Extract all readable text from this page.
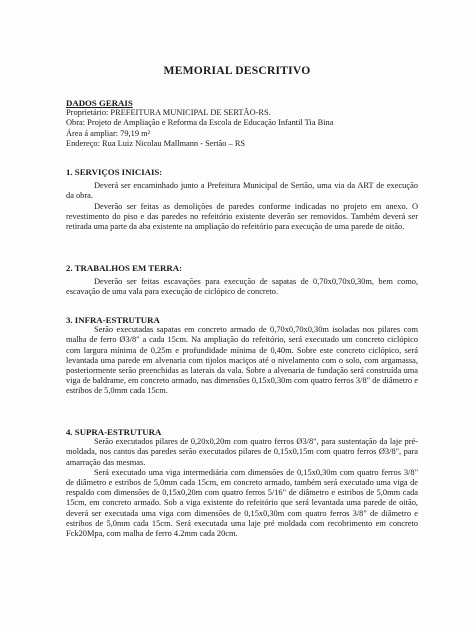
MEMORIAL DESCRITIVO
DADOS GERAIS
Proprietário: PREFEITURA MUNICIPAL DE SERTÃO-RS.
Obra: Projeto de Ampliação e Reforma da Escola de Educação Infantil Tia Bina
Área á ampliar: 79,19 m²
Endereço: Rua Luiz Nicolau Mallmann - Sertão – RS
1. SERVIÇOS INICIAIS:

Deverá ser encaminhado junto a Prefeitura Municipal de Sertão, uma via da ART de execução da obra.

Deverão ser feitas as demolições de paredes conforme indicadas no projeto em anexo. O revestimento do piso e das paredes no refeitório existente deverão ser removidos. Também deverá ser retirada uma parte da aba existente na ampliação do refeitório para execução de uma parede de oitão.

2. TRABALHOS EM TERRA:

Deverão ser feitas escavações para execução de sapatas de 0,70x0,70x0,30m, bem como, escavação de uma vala para execução de ciclópico de concreto.

3. INFRA-ESTRUTURA

Serão executadas sapatas em concreto armado de 0,70x0,70x0,30m isoladas nos pilares com malha de ferro Ø3/8" a cada 15cm. Na ampliação do refeitório, será executado um concreto ciclópico com largura mínima de 0,25m e profundidade mínima de 0,40m. Sobre este concreto ciclópico, será levantada uma parede em alvenaria com tijolos maciços até o nivelamento com o solo, com argamassa, posteriormente serão preenchidas as laterais da vala. Sobre a alvenaria de fundação será construída uma viga de baldrame, em concreto armado, nas dimensões 0,15x0,30m com quatro ferros 3/8" de diâmetro e estribos de 5,0mm cada 15cm.

4. SUPRA-ESTRUTURA

Serão executados pilares de 0,20x0,20m com quatro ferros Ø3/8", para sustentação da laje pré-moldada, nos cantos das paredes serão executados pilares de 0,15x0,15m com quatro ferros Ø3/8", para amarração das mesmas.

Será executado uma viga intermediária com dimensões de 0,15x0,30m com quatro ferros 3/8" de diâmetro e estribos de 5,0mm cada 15cm, em concreto armado, também será executado uma viga de respaldo com dimensões de 0,15x0,20m com quatro ferros 5/16" de diâmetro e estribos de 5,0mm cada 15cm, em concreto armado. Sob a viga existente do refeitório que será levantada uma parede de oitão, deverá ser executada uma viga com dimensões de 0,15x0,30m com quatro ferros 3/8" de diâmetro e estribos de 5,0mm cada 15cm. Será executada uma laje pré moldada com recobrimento em concreto Fck20Mpa, com malha de ferro 4.2mm cada 20cm.
